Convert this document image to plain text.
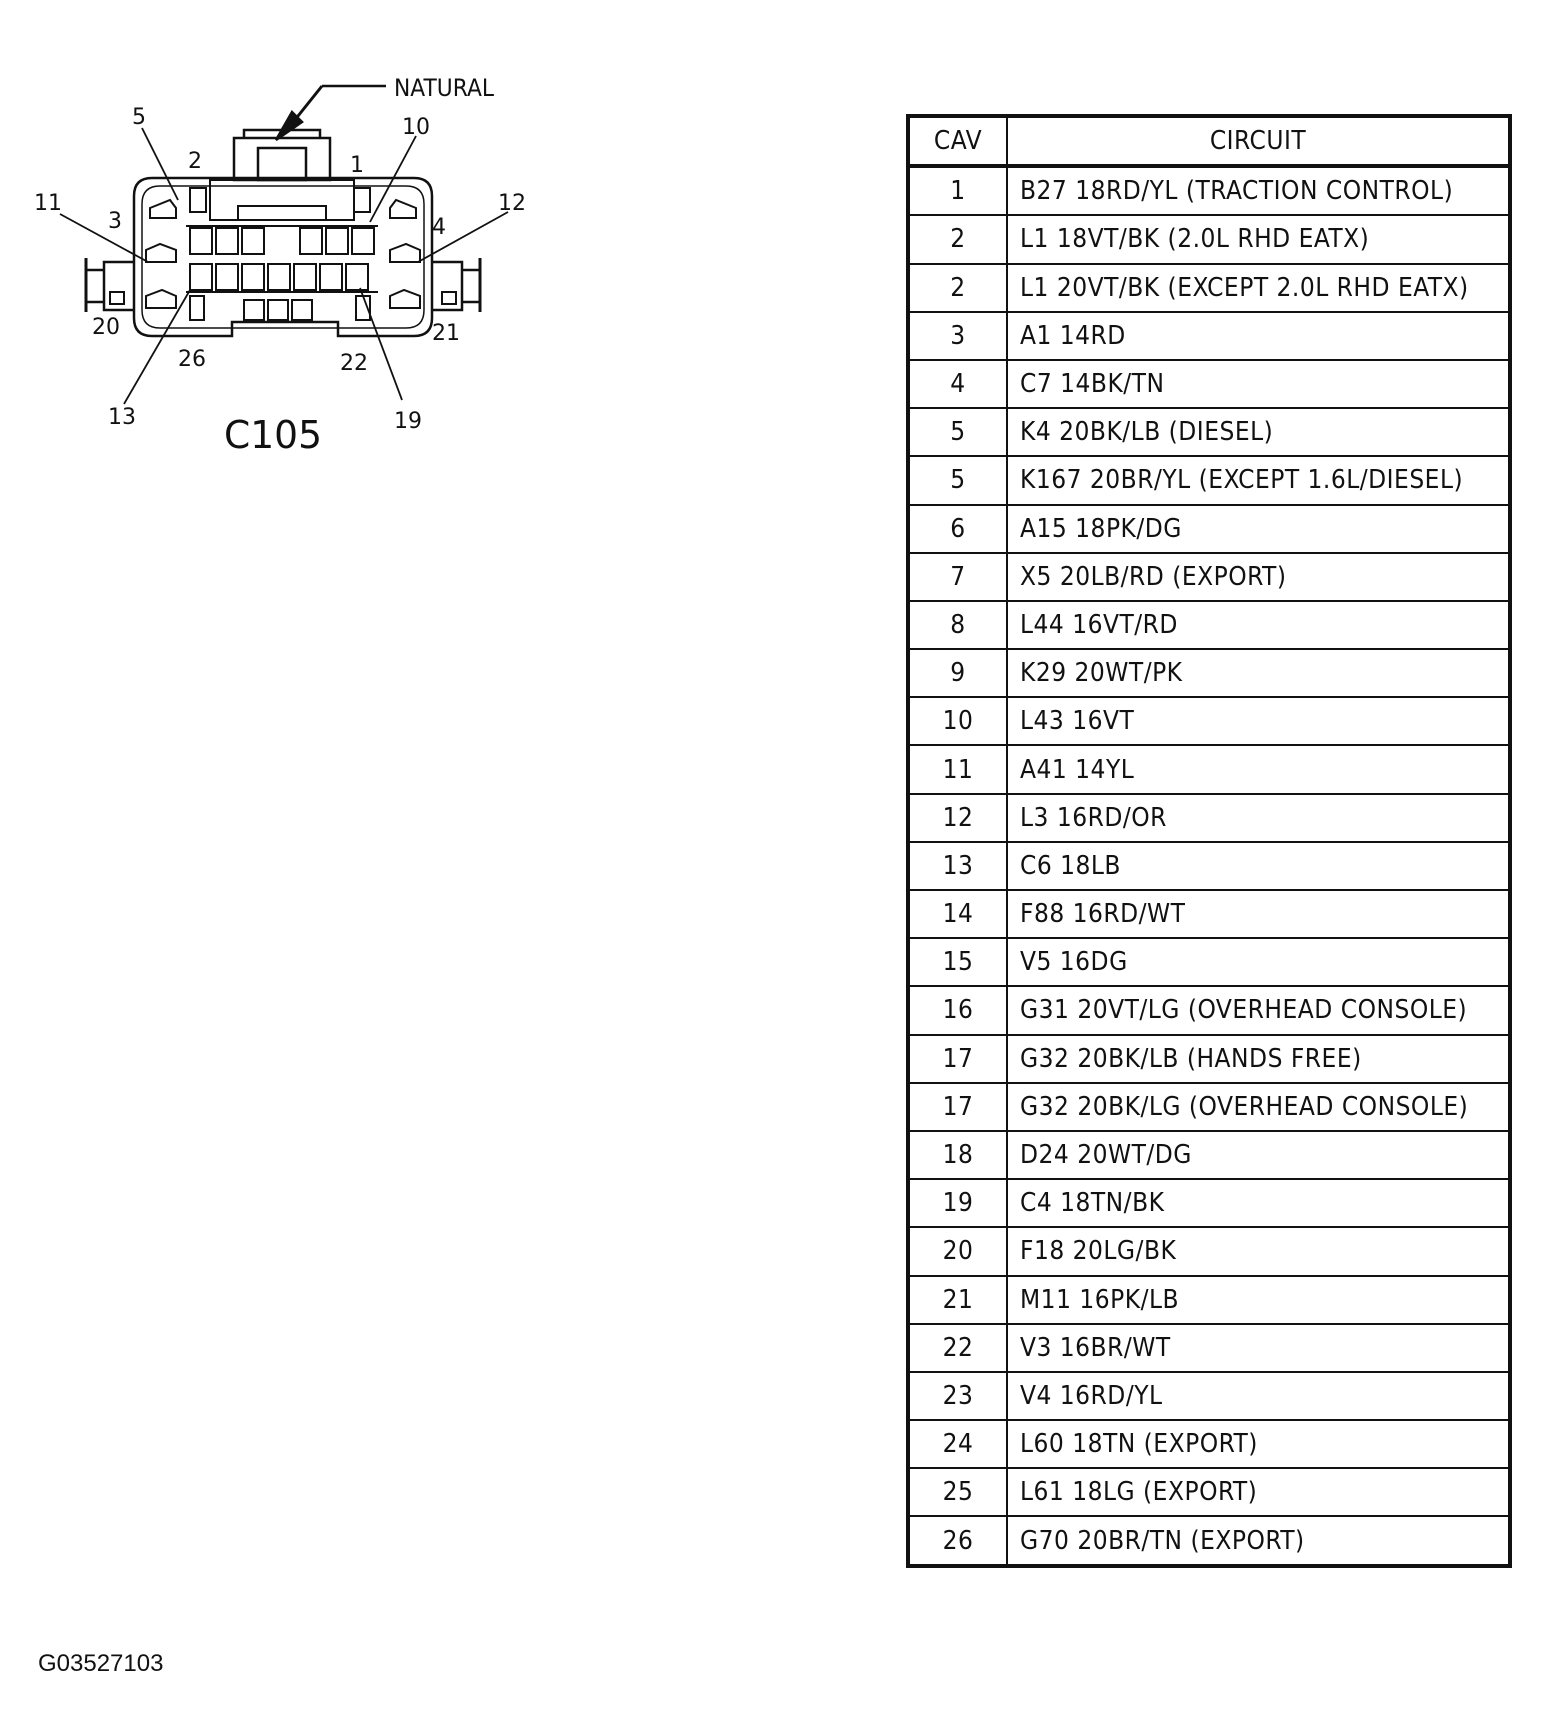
NATURAL
5
2	1
10
11
3	4
12
20
26	22
21
13	19
C105
CAV	CIRCUIT
1	B27 18RD/YL (TRACTION CONTROL)
2	L1 18VT/BK (2.0L RHD EATX)
2	L1 20VT/BK (EXCEPT 2.0L RHD EATX)
3	A1 14RD
4	C7 14BK/TN
5	K4 20BK/LB (DIESEL)
5	K167 20BR/YL (EXCEPT 1.6L/DIESEL)
6	A15 18PK/DG
7	X5 20LB/RD (EXPORT)
8	L44 16VT/RD
9	K29 20WT/PK
10	L43 16VT
11	A41 14YL
12	L3 16RD/OR
13	C6 18LB
14	F88 16RD/WT
15	V5 16DG
16	G31 20VT/LG (OVERHEAD CONSOLE)
17	G32 20BK/LB (HANDS FREE)
17	G32 20BK/LG (OVERHEAD CONSOLE)
18	D24 20WT/DG
19	C4 18TN/BK
20	F18 20LG/BK
21	M11 16PK/LB
22	V3 16BR/WT
23	V4 16RD/YL
24	L60 18TN (EXPORT)
25	L61 18LG (EXPORT)
26	G70 20BR/TN (EXPORT)
G03527103
